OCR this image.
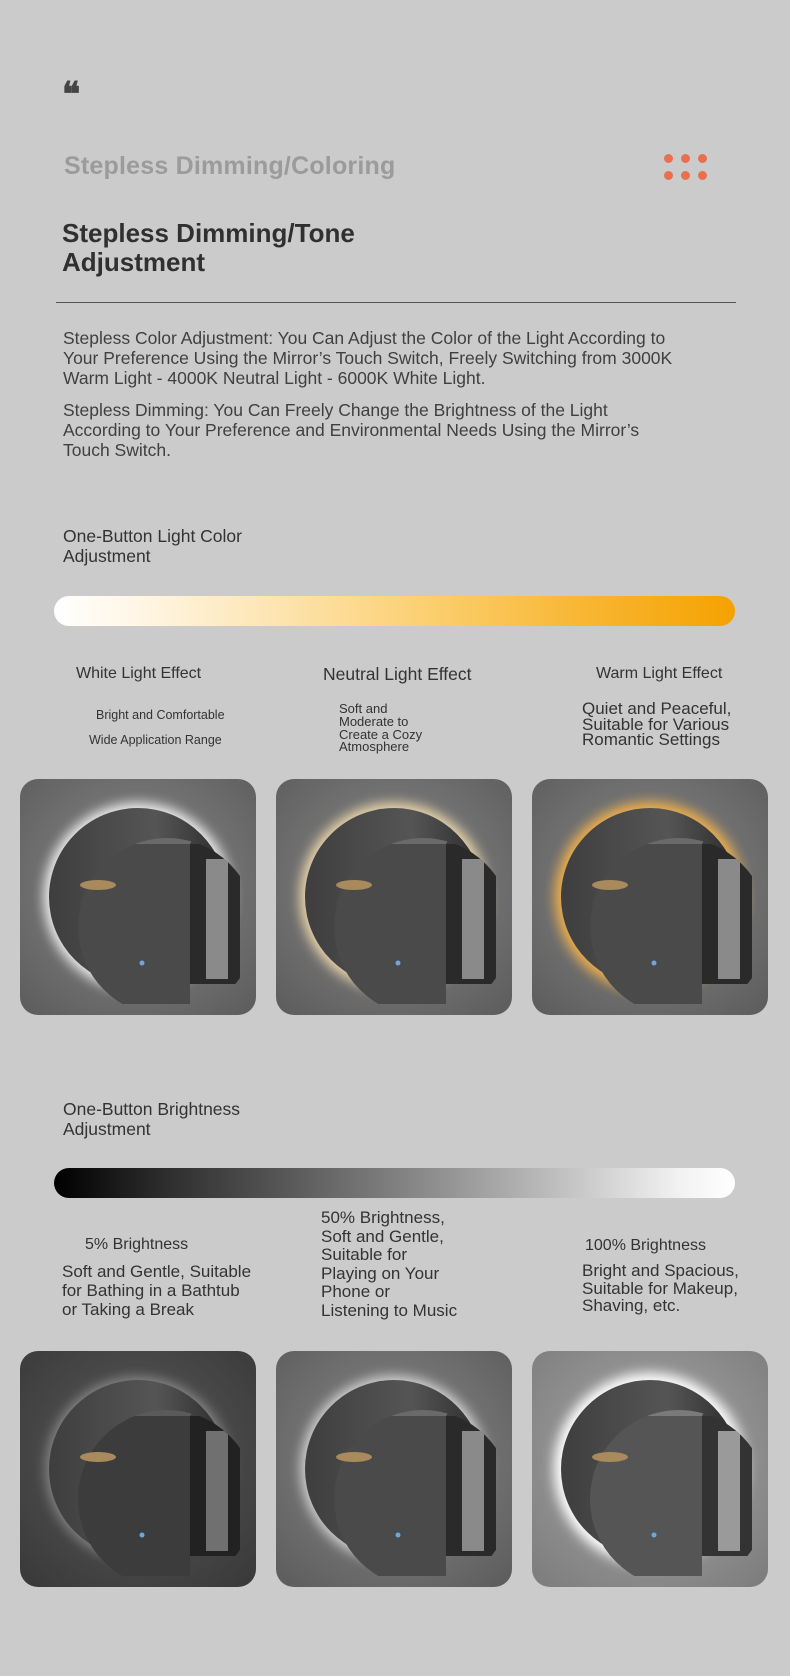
❝
Stepless Dimming/Coloring
Stepless Dimming/Tone Adjustment
Stepless Color Adjustment: You Can Adjust the Color of the Light According to Your Preference Using the Mirror’s Touch Switch, Freely Switching from 3000K Warm Light - 4000K Neutral Light - 6000K White Light.
Stepless Dimming: You Can Freely Change the Brightness of the Light According to Your Preference and Environmental Needs Using the Mirror’s Touch Switch.
One-Button Light Color Adjustment
White Light Effect
Bright and Comfortable
Wide Application Range
Neutral Light Effect
Soft and Moderate to Create a Cozy Atmosphere
Warm Light Effect
Quiet and Peaceful, Suitable for Various Romantic Settings
One-Button Brightness Adjustment
5% Brightness
Soft and Gentle, Suitable for Bathing in a Bathtub or Taking a Break
50% Brightness, Soft and Gentle, Suitable for Playing on Your Phone or Listening to Music
100% Brightness
Bright and Spacious, Suitable for Makeup, Shaving, etc.
